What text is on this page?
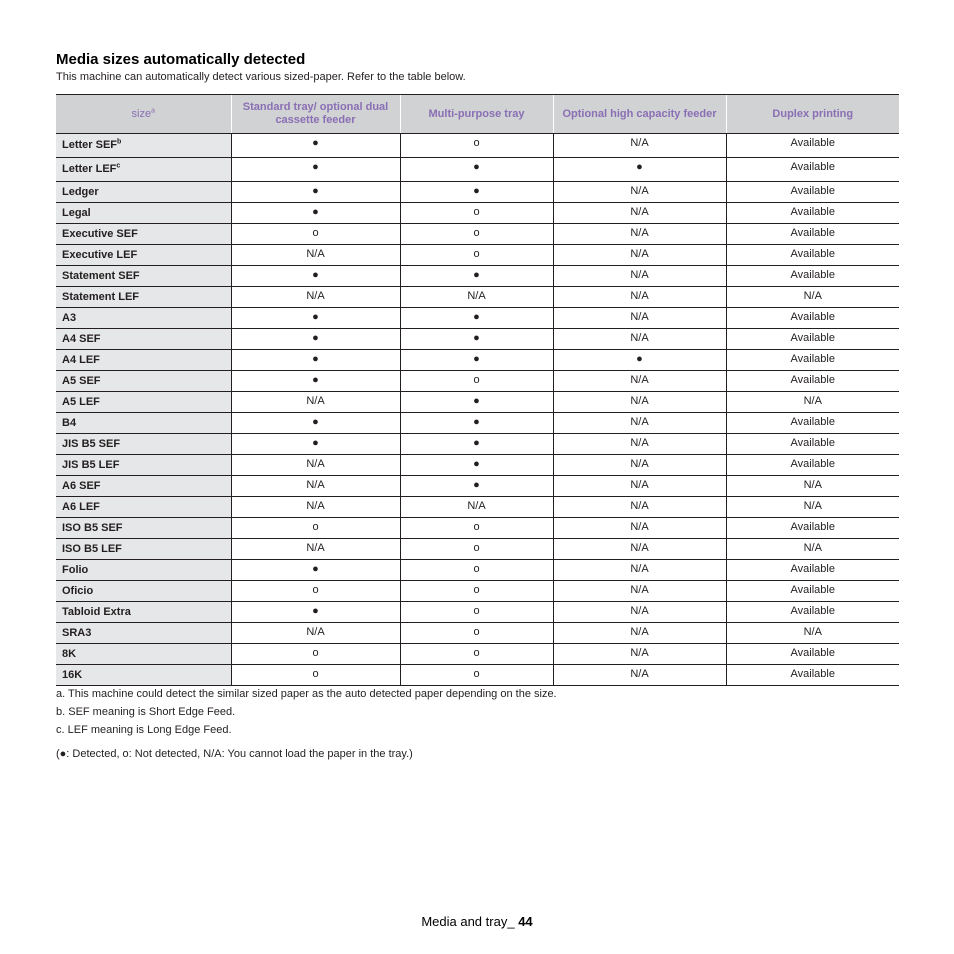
Media sizes automatically detected
This machine can automatically detect various sized-paper. Refer to the table below.
size$^a$	Standard tray/ optional dual cassette feeder	Multi-purpose tray	Optional high capacity feeder	Duplex printing
Letter SEF$^b$	●	o	N/A	Available
Letter LEF$^c$	●	●	●	Available
Ledger	●	●	N/A	Available
Legal	●	o	N/A	Available
Executive SEF	o	o	N/A	Available
Executive LEF	N/A	o	N/A	Available
Statement SEF	●	●	N/A	Available
Statement LEF	N/A	N/A	N/A	N/A
A3	●	●	N/A	Available
A4 SEF	●	●	N/A	Available
A4 LEF	●	●	●	Available
A5 SEF	●	o	N/A	Available
A5 LEF	N/A	●	N/A	N/A
B4	●	●	N/A	Available
JIS B5 SEF	●	●	N/A	Available
JIS B5 LEF	N/A	●	N/A	Available
A6 SEF	N/A	●	N/A	N/A
A6 LEF	N/A	N/A	N/A	N/A
ISO B5 SEF	o	o	N/A	Available
ISO B5 LEF	N/A	o	N/A	N/A
Folio	●	o	N/A	Available
Oficio	o	o	N/A	Available
Tabloid Extra	●	o	N/A	Available
SRA3	N/A	o	N/A	N/A
8K	o	o	N/A	Available
16K	o	o	N/A	Available
a. This machine could detect the similar sized paper as the auto detected paper depending on the size.
b. SEF meaning is Short Edge Feed.
c. LEF meaning is Long Edge Feed.
(●: Detected, o: Not detected, N/A: You cannot load the paper in the tray.)
Media and tray_ 44
